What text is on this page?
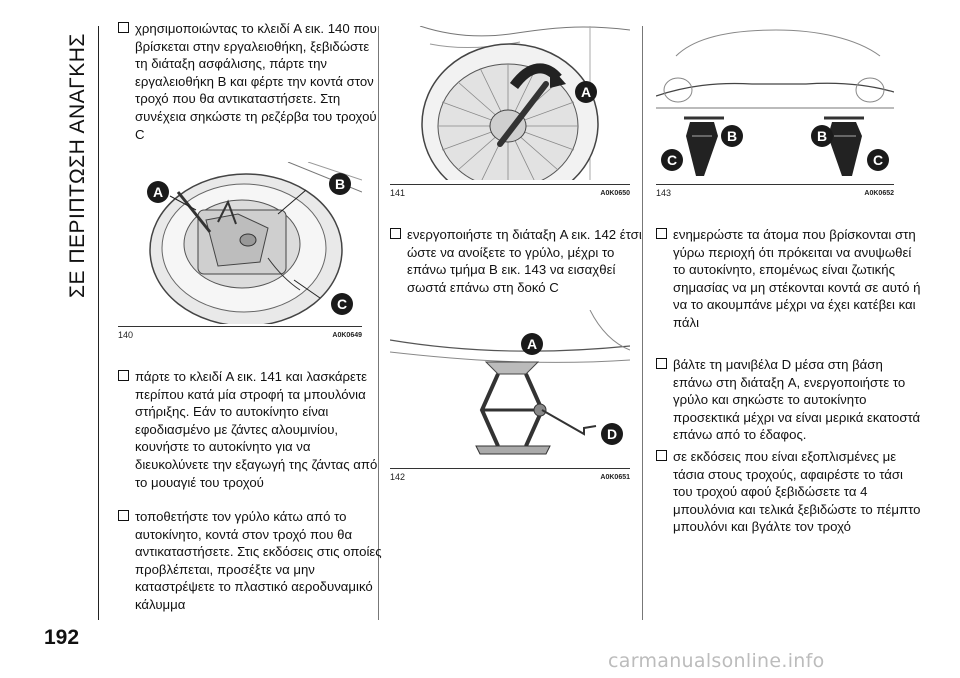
ΣΕ ΠΕΡΙΠΤΩΣΗ ΑΝΑΓΚΗΣ
192

χρησιμοποιώντας το κλειδί A εικ. 140 που βρίσκεται στην εργαλειοθήκη, ξεβιδώστε τη διάταξη ασφάλισης, πάρτε την εργαλειοθήκη B και φέρτε την κοντά στον τροχό που θα αντικαταστήσετε. Στη συνέχεια σηκώστε τη ρεζέρβα του τροχού C

A	B
C
140	A0K0649

πάρτε το κλειδί A εικ. 141 και λασκάρετε περίπου κατά μία στροφή τα μπουλόνια στήριξης. Εάν το αυτοκίνητο είναι εφοδιασμένο με ζάντες αλουμινίου, κουνήστε το αυτοκίνητο για να διευκολύνετε την εξαγωγή της ζάντας από το μουαγιέ του τροχού

τοποθετήστε τον γρύλο κάτω από το αυτοκίνητο, κοντά στον τροχό που θα αντικαταστήσετε. Στις εκδόσεις στις οποίες προβλέπεται, προσέξτε να μην καταστρέψετε το πλαστικό αεροδυναμικό κάλυμμα

A
141	A0K0650

ενεργοποιήστε τη διάταξη A εικ. 142 έτσι ώστε να ανοίξετε το γρύλο, μέχρι το επάνω τμήμα B εικ. 143 να εισαχθεί σωστά επάνω στη δοκό C

A
D
142	A0K0651
C
B	B
C
143	A0K0652

ενημερώστε τα άτομα που βρίσκονται στη γύρω περιοχή ότι πρόκειται να ανυψωθεί το αυτοκίνητο, επομένως είναι ζωτικής σημασίας να μη στέκονται κοντά σε αυτό ή να το ακουμπάνε μέχρι να έχει κατέβει και πάλι

βάλτε τη μανιβέλα D μέσα στη βάση επάνω στη διάταξη A, ενεργοποιήστε το γρύλο και σηκώστε το αυτοκίνητο προσεκτικά μέχρι να είναι μερικά εκατοστά επάνω από το έδαφος.

σε εκδόσεις που είναι εξοπλισμένες με τάσια στους τροχούς, αφαιρέστε το τάσι του τροχού αφού ξεβιδώσετε τα 4 μπουλόνια και τελικά ξεβιδώστε το πέμπτο μπουλόνι και βγάλτε τον τροχό

carmanualsonline.info
